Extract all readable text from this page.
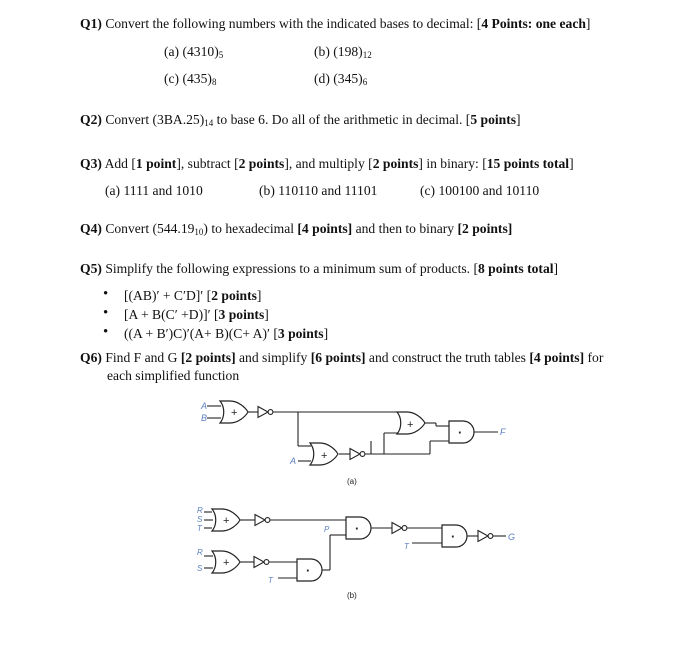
Q1) Convert the following numbers with the indicated bases to decimal: [4 Points: one each]
(a) $(4310)_5$	(b) $(198)_{12}$
(c) $(435)_8$	(d) $(345)_6$
Q2) Convert $(3BA.25)_{14}$ to base 6. Do all of the arithmetic in decimal. [5 points]
Q3) Add [1 point], subtract [2 points], and multiply [2 points] in binary: [15 points total]
(a) 1111 and 1010	(b) 110110 and 11101	(c) 100100 and 10110
Q4) Convert $(544.19_{10})$ to hexadecimal [4 points] and then to binary [2 points]
Q5) Simplify the following expressions to a minimum sum of products. [8 points total]
• [(AB)′ + C′D]′ [2 points]
• [A + B(C′ +D)]′ [3 points]
• ((A + B′)C)′(A+ B)(C+ A)′ [3 points]
Q6) Find F and G [2 points] and simplify [6 points] and construct the truth tables [4 points] for
each simplified function
+
+
+
·
A
B
A
F
(a)
+
+
·
·
·
R
S
T
R
S
P
T
T
G
(b)
